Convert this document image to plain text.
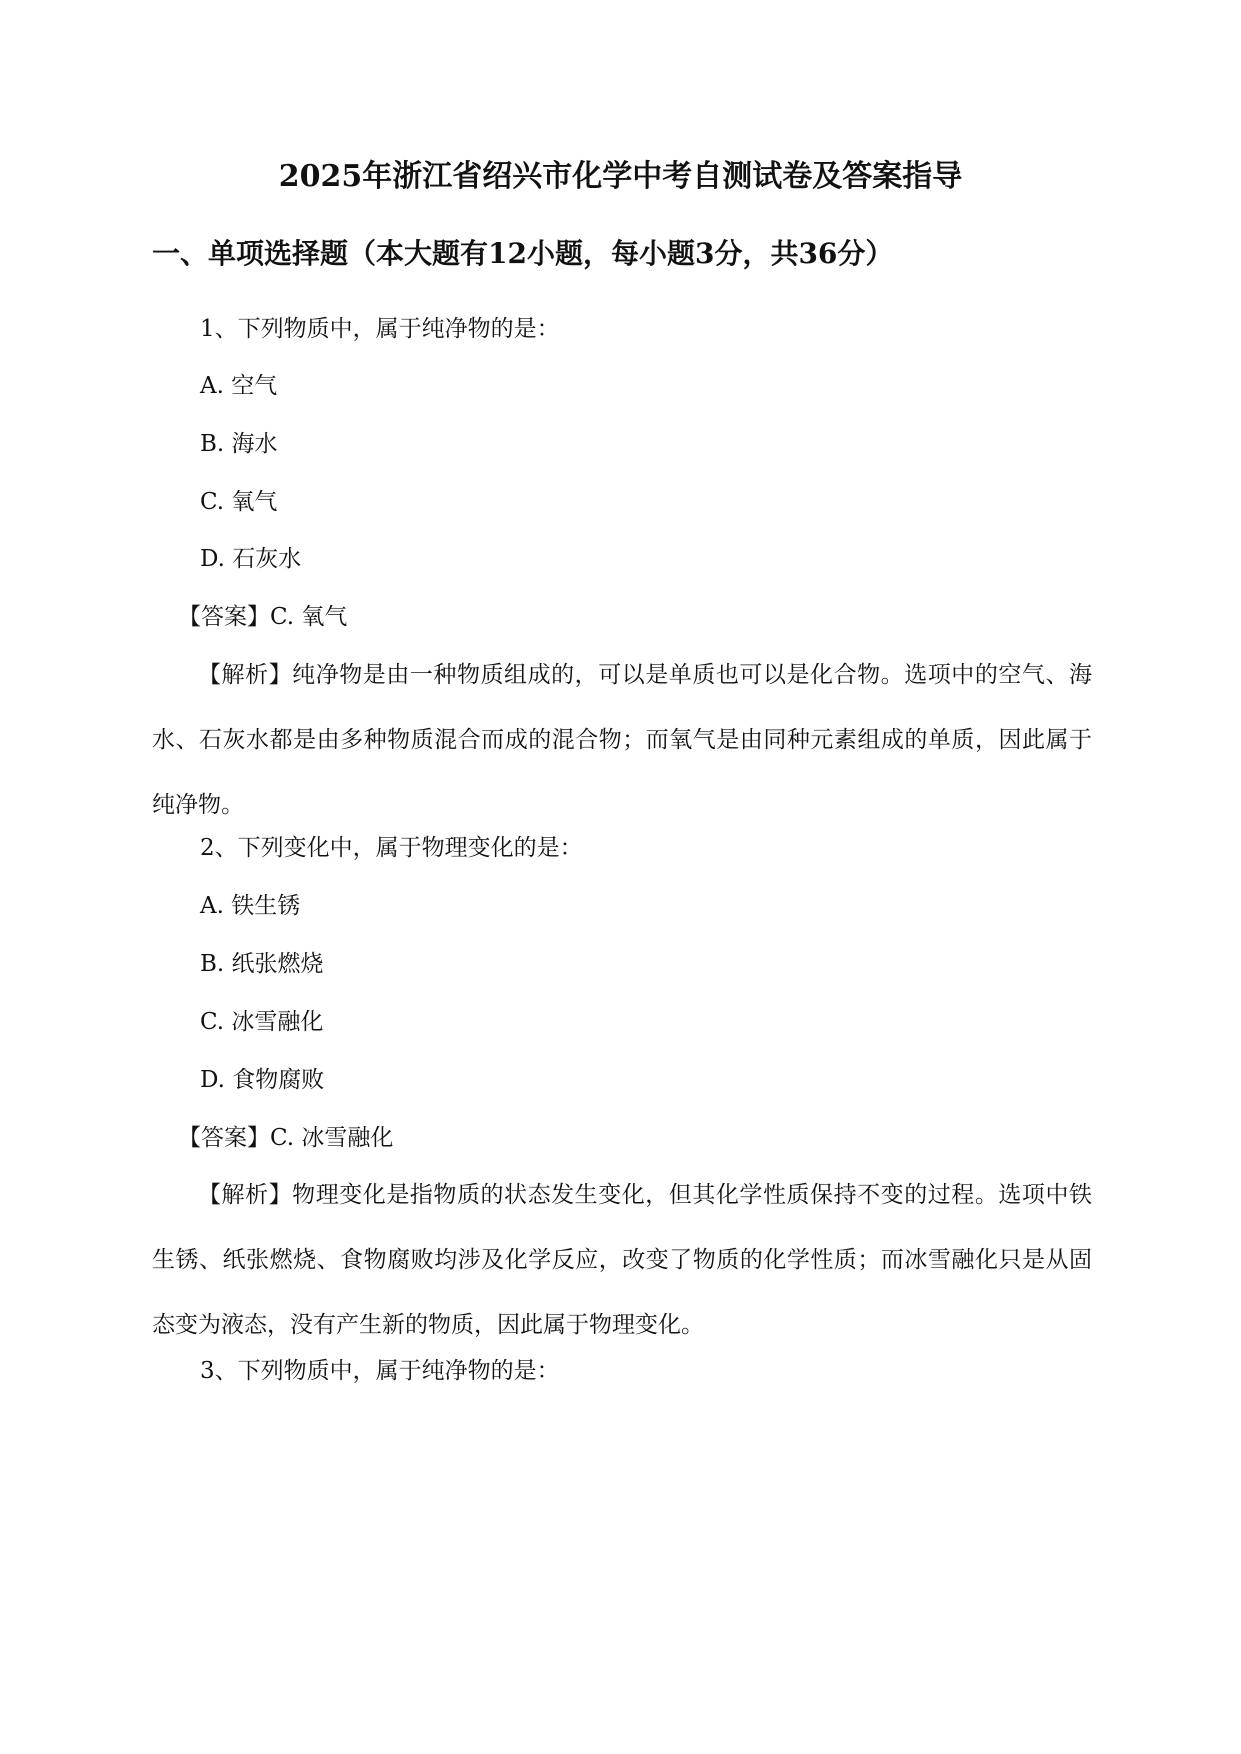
2025年浙江省绍兴市化学中考自测试卷及答案指导
一、单项选择题（本大题有12小题，每小题3分，共36分）

1、下列物质中，属于纯净物的是：

A. 空气

B. 海水

C. 氧气

D. 石灰水

【答案】C. 氧气

【解析】纯净物是由一种物质组成的，可以是单质也可以是化合物。选项中的空气、海水、石灰水都是由多种物质混合而成的混合物；而氧气是由同种元素组成的单质，因此属于纯净物。

2、下列变化中，属于物理变化的是：

A. 铁生锈

B. 纸张燃烧

C. 冰雪融化

D. 食物腐败

【答案】C. 冰雪融化

【解析】物理变化是指物质的状态发生变化，但其化学性质保持不变的过程。选项中铁生锈、纸张燃烧、食物腐败均涉及化学反应，改变了物质的化学性质；而冰雪融化只是从固态变为液态，没有产生新的物质，因此属于物理变化。

3、下列物质中，属于纯净物的是：
